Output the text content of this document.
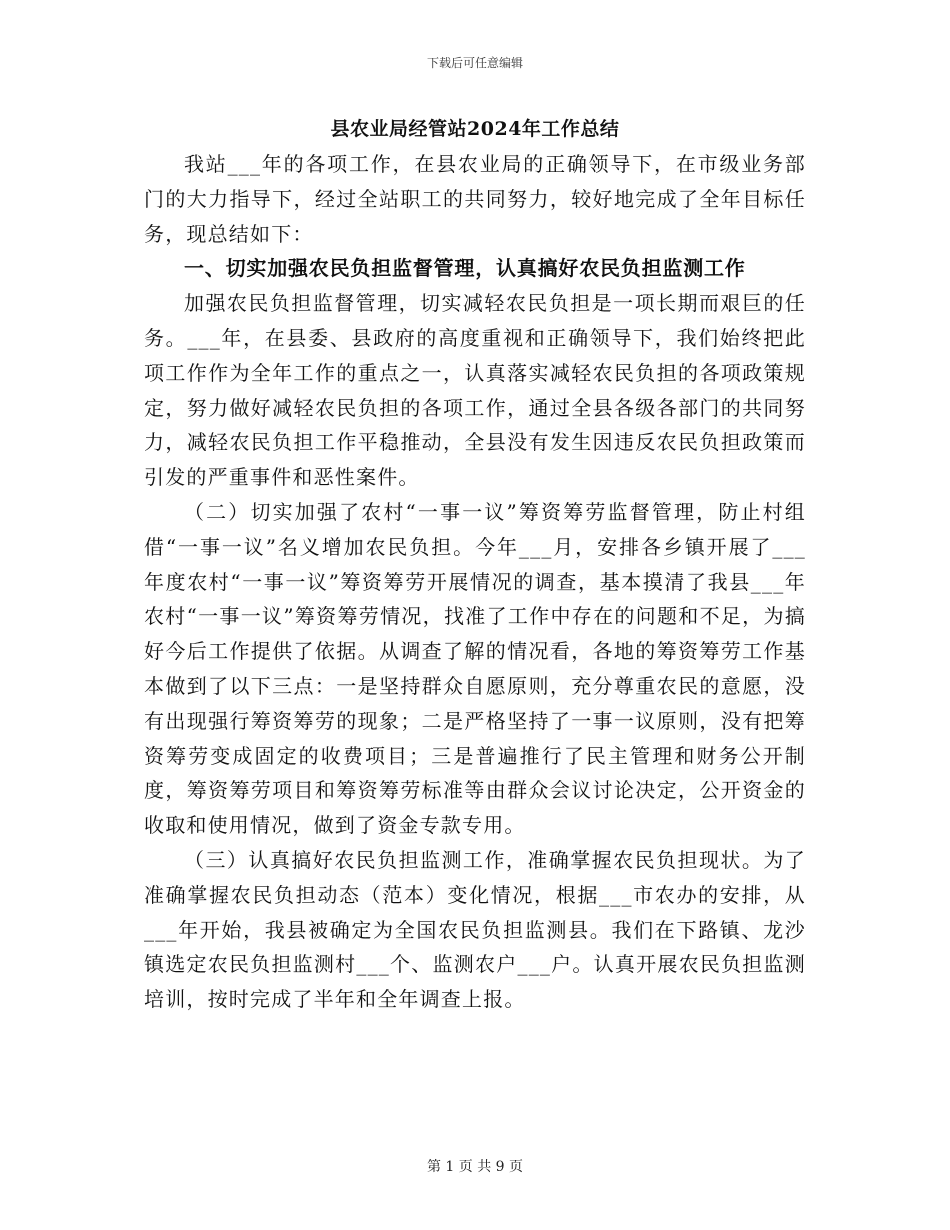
下载后可任意编辑
县农业局经管站2024年工作总结

我站___年的各项工作，在县农业局的正确领导下，在市级业务部门的大力指导下，经过全站职工的共同努力，较好地完成了全年目标任务，现总结如下：

一、切实加强农民负担监督管理，认真搞好农民负担监测工作

加强农民负担监督管理，切实减轻农民负担是一项长期而艰巨的任务。___年，在县委、县政府的高度重视和正确领导下，我们始终把此项工作作为全年工作的重点之一，认真落实减轻农民负担的各项政策规定，努力做好减轻农民负担的各项工作，通过全县各级各部门的共同努力，减轻农民负担工作平稳推动，全县没有发生因违反农民负担政策而引发的严重事件和恶性案件。

（二）切实加强了农村“一事一议”筹资筹劳监督管理，防止村组借“一事一议”名义增加农民负担。今年___月，安排各乡镇开展了___年度农村“一事一议”筹资筹劳开展情况的调查，基本摸清了我县___年农村“一事一议”筹资筹劳情况，找准了工作中存在的问题和不足，为搞好今后工作提供了依据。从调查了解的情况看，各地的筹资筹劳工作基本做到了以下三点：一是坚持群众自愿原则，充分尊重农民的意愿，没有出现强行筹资筹劳的现象；二是严格坚持了一事一议原则，没有把筹资筹劳变成固定的收费项目；三是普遍推行了民主管理和财务公开制度，筹资筹劳项目和筹资筹劳标准等由群众会议讨论决定，公开资金的收取和使用情况，做到了资金专款专用。

（三）认真搞好农民负担监测工作，准确掌握农民负担现状。为了准确掌握农民负担动态（范本）变化情况，根据___市农办的安排，从___年开始，我县被确定为全国农民负担监测县。我们在下路镇、龙沙镇选定农民负担监测村___个、监测农户___户。认真开展农民负担监测培训，按时完成了半年和全年调查上报。

第 1 页 共 9 页
